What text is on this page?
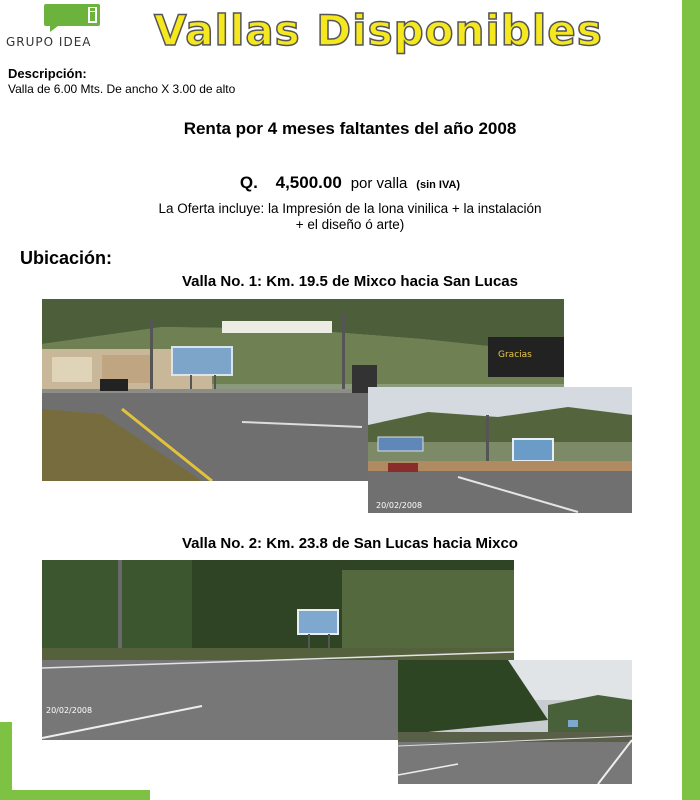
GRUPO IDEA Vallas Disponibles
Descripción:
Valla de 6.00 Mts. De ancho X 3.00 de alto
Renta por 4 meses faltantes del año 2008
Q. 4,500.00 por valla (sin IVA)
La Oferta incluye: la Impresión de la lona vinilica + la instalación
+ el diseño ó arte)
Ubicación:
Valla No. 1: Km. 19.5 de Mixco hacia San Lucas
Gracias
20/02/2008
Valla No. 2: Km. 23.8 de San Lucas hacia Mixco
20/02/2008
